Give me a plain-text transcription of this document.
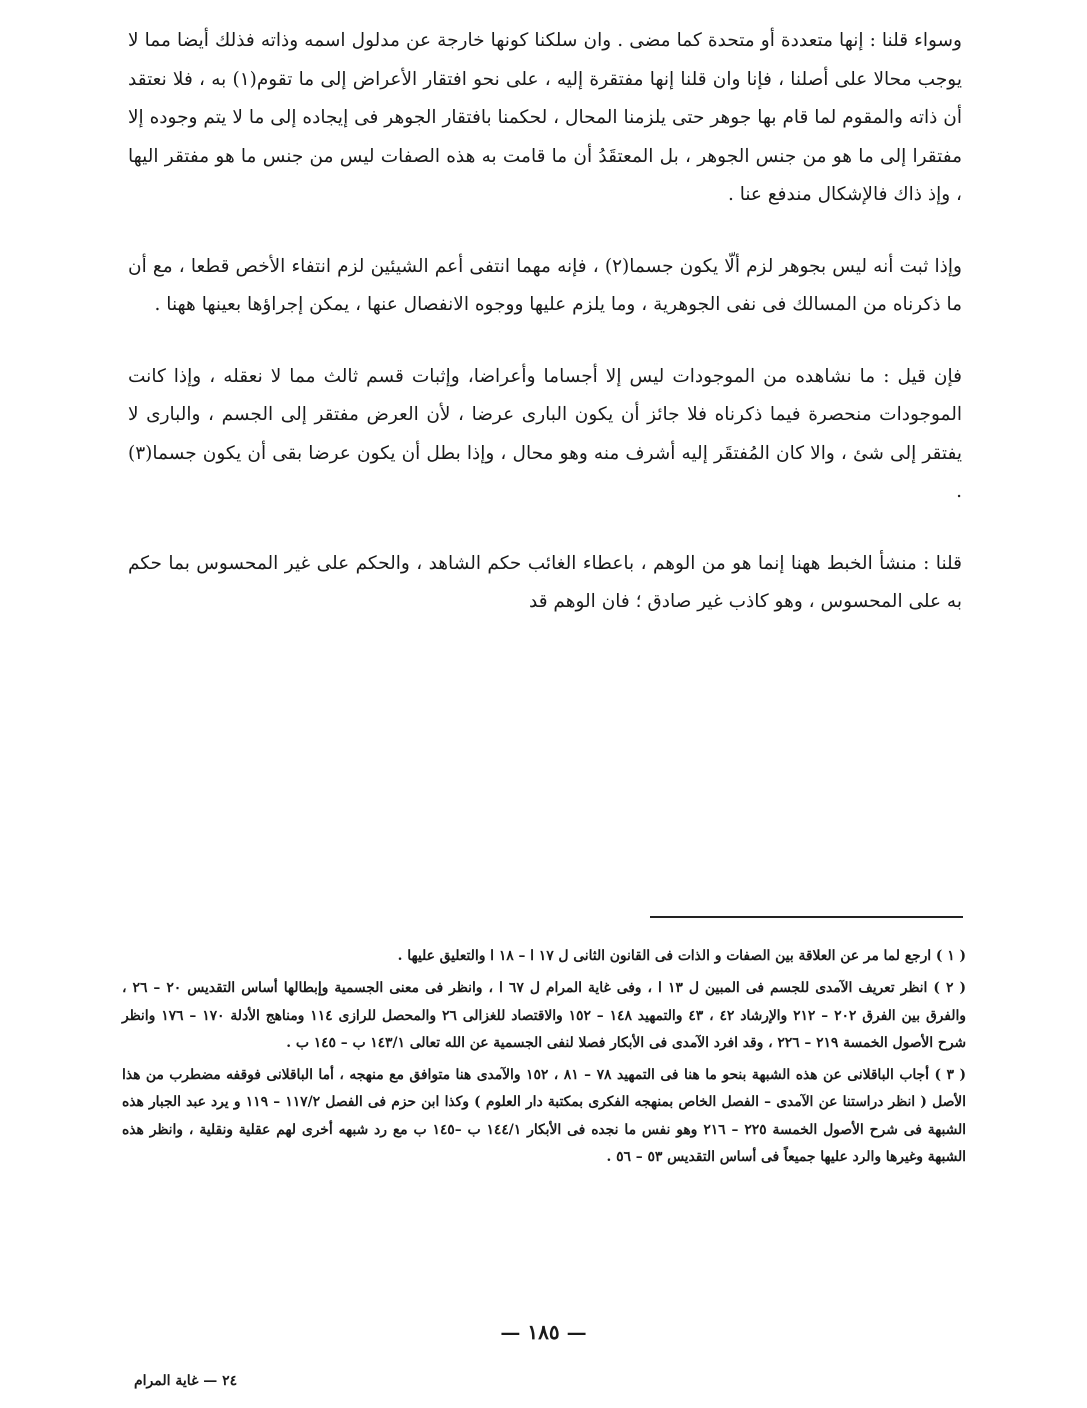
وسواء قلنا : إنها متعددة أو متحدة كما مضى . وان سلكنا كونها خارجة عن مدلول اسمه وذاته فذلك أيضا مما لا يوجب محالا على أصلنا ، فإنا وان قلنا إنها مفتقرة إليه ، على نحو افتقار الأعراض إلى ما تقوم(١) به ، فلا نعتقد أن ذاته والمقوم لما قام بها جوهر حتى يلزمنا المحال ، لحكمنا بافتقار الجوهر فى إيجاده إلى ما لا يتم وجوده إلا مفتقرا إلى ما هو من جنس الجوهر ، بل المعتقَدُ أن ما قامت به هذه الصفات ليس من جنس ما هو مفتقر اليها ، وإذ ذاك فالإشكال مندفع عنا .

وإذا ثبت أنه ليس بجوهر لزم ألّا يكون جسما(٢) ، فإنه مهما انتفى أعم الشيئين لزم انتفاء الأخص قطعا ، مع أن ما ذكرناه من المسالك فى نفى الجوهرية ، وما يلزم عليها ووجوه الانفصال عنها ، يمكن إجراؤها بعينها ههنا .

فإن قيل : ما نشاهده من الموجودات ليس إلا أجساما وأعراضا، وإثبات قسم ثالث مما لا نعقله ، وإذا كانت الموجودات منحصرة فيما ذكرناه فلا جائز أن يكون البارى عرضا ، لأن العرض مفتقر إلى الجسم ، والبارى لا يفتقر إلى شئ ، والا كان المُفتقَر إليه أشرف منه وهو محال ، وإذا بطل أن يكون عرضا بقى أن يكون جسما(٣) .

قلنا : منشأ الخبط ههنا إنما هو من الوهم ، باعطاء الغائب حكم الشاهد ، والحكم على غير المحسوس بما حكم به على المحسوس ، وهو كاذب غير صادق ؛ فان الوهم قد

( ١ ) ارجع لما مر عن العلاقة بين الصفات و الذات فى القانون الثانى ل ١٧ ا – ١٨ ا والتعليق عليها .

( ٢ ) انظر تعريف الآمدى للجسم فى المبين ل ١٣ ا ، وفى غاية المرام ل ٦٧ ا ، وانظر فى معنى الجسمية وإبطالها أساس التقديس ٢٠ – ٢٦ ، والفرق بين الفرق ٢٠٢ – ٢١٢ والإرشاد ٤٢ ، ٤٣ والتمهيد ١٤٨ – ١٥٢ والاقتصاد للغزالى ٢٦ والمحصل للرازى ١١٤ ومناهج الأدلة ١٧٠ – ١٧٦ وانظر شرح الأصول الخمسة ٢١٩ – ٢٢٦ ، وقد افرد الآمدى فى الأبكار فصلا لنفى الجسمية عن الله تعالى ١٤٣/١ ب – ١٤٥ ب .

( ٣ ) أجاب الباقلانى عن هذه الشبهة بنحو ما هنا فى التمهيد ٧٨ – ٨١ ، ١٥٢ والآمدى هنا متوافق مع منهجه ، أما الباقلانى فوقفه مضطرب من هذا الأصل ( انظر دراستنا عن الآمدى – الفصل الخاص بمنهجه الفكرى بمكتبة دار العلوم ) وكذا ابن حزم فى الفصل ١١٧/٢ – ١١٩ و يرد عبد الجبار هذه الشبهة فى شرح الأصول الخمسة ٢٢٥ – ٢١٦ وهو نفس ما نجده فى الأبكار ١٤٤/١ ب –١٤٥ ب مع رد شبهه أخرى لهم عقلية ونقلية ، وانظر هذه الشبهة وغيرها والرد عليها جميعاً فى أساس التقديس ٥٣ – ٥٦ .

— ١٨٥ —
٢٤ — غاية المرام
